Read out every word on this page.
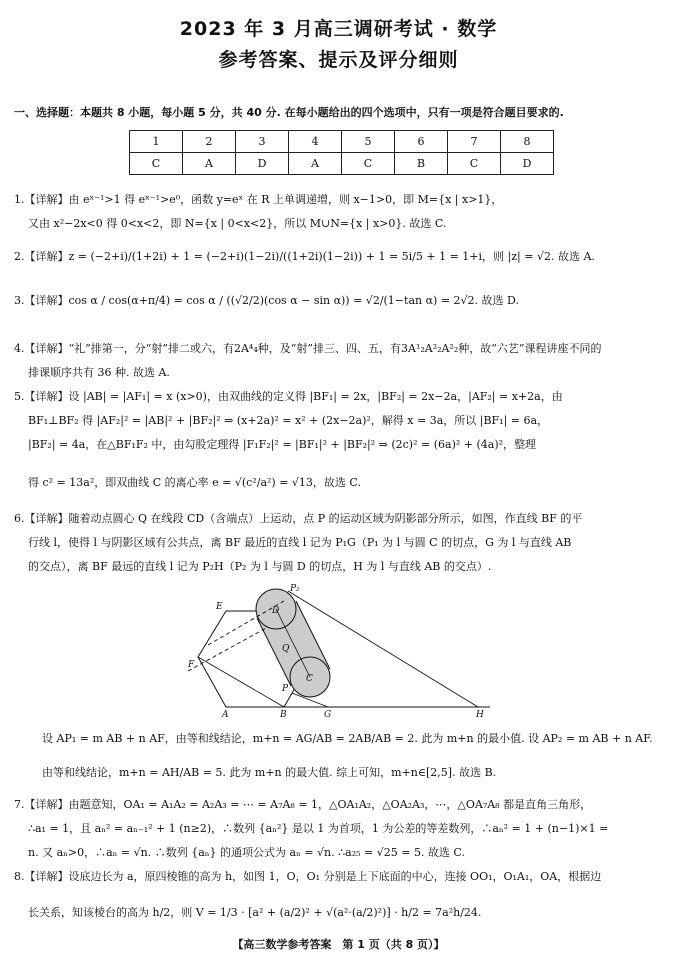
2023 年 3 月高三调研考试 · 数学
参考答案、提示及评分细则
一、选择题：本题共 8 小题，每小题 5 分，共 40 分. 在每小题给出的四个选项中，只有一项是符合题目要求的.
1	2	3	4	5	6	7	8
C	A	D	A	C	B	C	D
1.【详解】由 eˣ⁻¹>1 得 eˣ⁻¹>e⁰，函数 y=eˣ 在 R 上单调递增，则 x−1>0，即 M={x | x>1}，
又由 x²−2x<0 得 0<x<2，即 N={x | 0<x<2}，所以 M∪N={x | x>0}. 故选 C.
2.【详解】z = (−2+i)/(1+2i) + 1 = (−2+i)(1−2i)/((1+2i)(1−2i)) + 1 = 5i/5 + 1 = 1+i，则 |z| = √2. 故选 A.
3.【详解】cos α / cos(α+π/4) = cos α / ((√2/2)(cos α − sin α)) = √2/(1−tan α) = 2√2. 故选 D.
4.【详解】“礼”排第一，分“射”排二或六，有2A⁴₄种，及“射”排三、四、五，有3A¹₂A²₂A²₂种，故“六艺”课程讲座不同的
排课顺序共有 36 种. 故选 A.
5.【详解】设 |AB| = |AF₁| = x (x>0)，由双曲线的定义得 |BF₁| = 2x，|BF₂| = 2x−2a，|AF₂| = x+2a，由
BF₁⊥BF₂ 得 |AF₂|² = |AB|² + |BF₂|² ⇒ (x+2a)² = x² + (2x−2a)²，解得 x = 3a，所以 |BF₁| = 6a，
|BF₂| = 4a，在△BF₁F₂ 中，由勾股定理得 |F₁F₂|² = |BF₁|² + |BF₂|² ⇒ (2c)² = (6a)² + (4a)²，整理
得 c² = 13a²，即双曲线 C 的离心率 e = √(c²/a²) = √13，故选 C.
6.【详解】随着动点圆心 Q 在线段 CD（含端点）上运动，点 P 的运动区域为阴影部分所示，如图，作直线 BF 的平
行线 l，使得 l 与阴影区域有公共点，离 BF 最近的直线 l 记为 P₁G（P₁ 为 l 与圆 C 的切点，G 为 l 与直线 AB
的交点），离 BF 最远的直线 l 记为 P₂H（P₂ 为 l 与圆 D 的切点，H 为 l 与直线 AB 的交点）.
P₂
E	D
Q
C
F
P
A	B	G	H
设 AP₁ = m AB + n AF，由等和线结论，m+n = AG/AB = 2AB/AB = 2. 此为 m+n 的最小值. 设 AP₂ = m AB + n AF.
由等和线结论，m+n = AH/AB = 5. 此为 m+n 的最大值. 综上可知，m+n∈[2,5]. 故选 B.
7.【详解】由题意知，OA₁ = A₁A₂ = A₂A₃ = ⋯ = A₇A₈ = 1，△OA₁A₂，△OA₂A₃，⋯，△OA₇A₈ 都是直角三角形，
∴a₁ = 1，且 aₙ² = aₙ₋₁² + 1 (n≥2)，∴数列 {aₙ²} 是以 1 为首项，1 为公差的等差数列，∴aₙ² = 1 + (n−1)×1 =
n. 又 aₙ>0，∴aₙ = √n. ∴数列 {aₙ} 的通项公式为 aₙ = √n. ∴a₂₅ = √25 = 5. 故选 C.
8.【详解】设底边长为 a，原四棱锥的高为 h，如图 1，O，O₁ 分别是上下底面的中心，连接 OO₁，O₁A₁，OA，根据边
长关系，知该棱台的高为 h/2，则 V = 1/3 · [a² + (a/2)² + √(a²·(a/2)²)] · h/2 = 7a²h/24.
【高三数学参考答案　第 1 页（共 8 页）】
